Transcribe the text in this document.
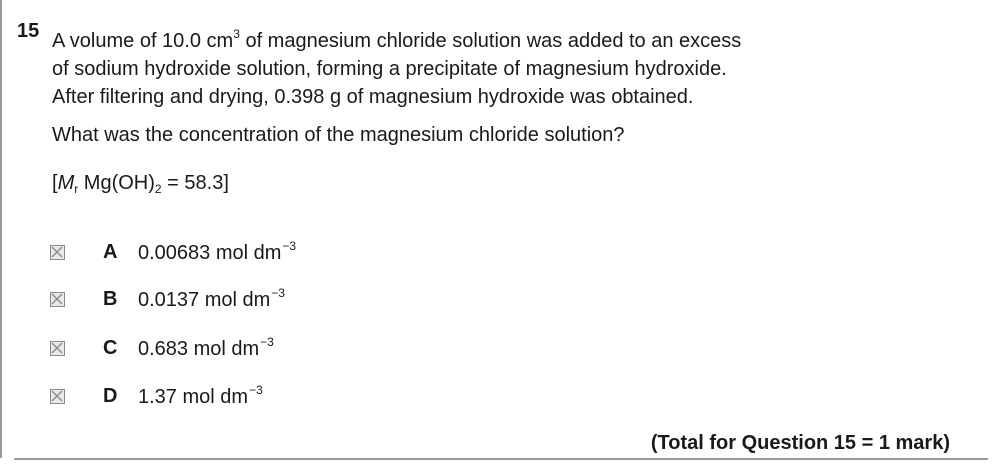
15 A volume of 10.0 $cm^3$ of magnesium chloride solution was added to an excess

of sodium hydroxide solution, forming a precipitate of magnesium hydroxide.

After filtering and drying, 0.398 g of magnesium hydroxide was obtained.

What was the concentration of the magnesium chloride solution?
[$M_r$ $Mg(OH)_2 = 58.3$]
A 0.00683 mol $dm^{-3}$
B 0.0137 mol $dm^{-3}$
C 0.683 mol $dm^{-3}$
D 1.37 mol $dm^{-3}$
(Total for Question 15 = 1 mark)
